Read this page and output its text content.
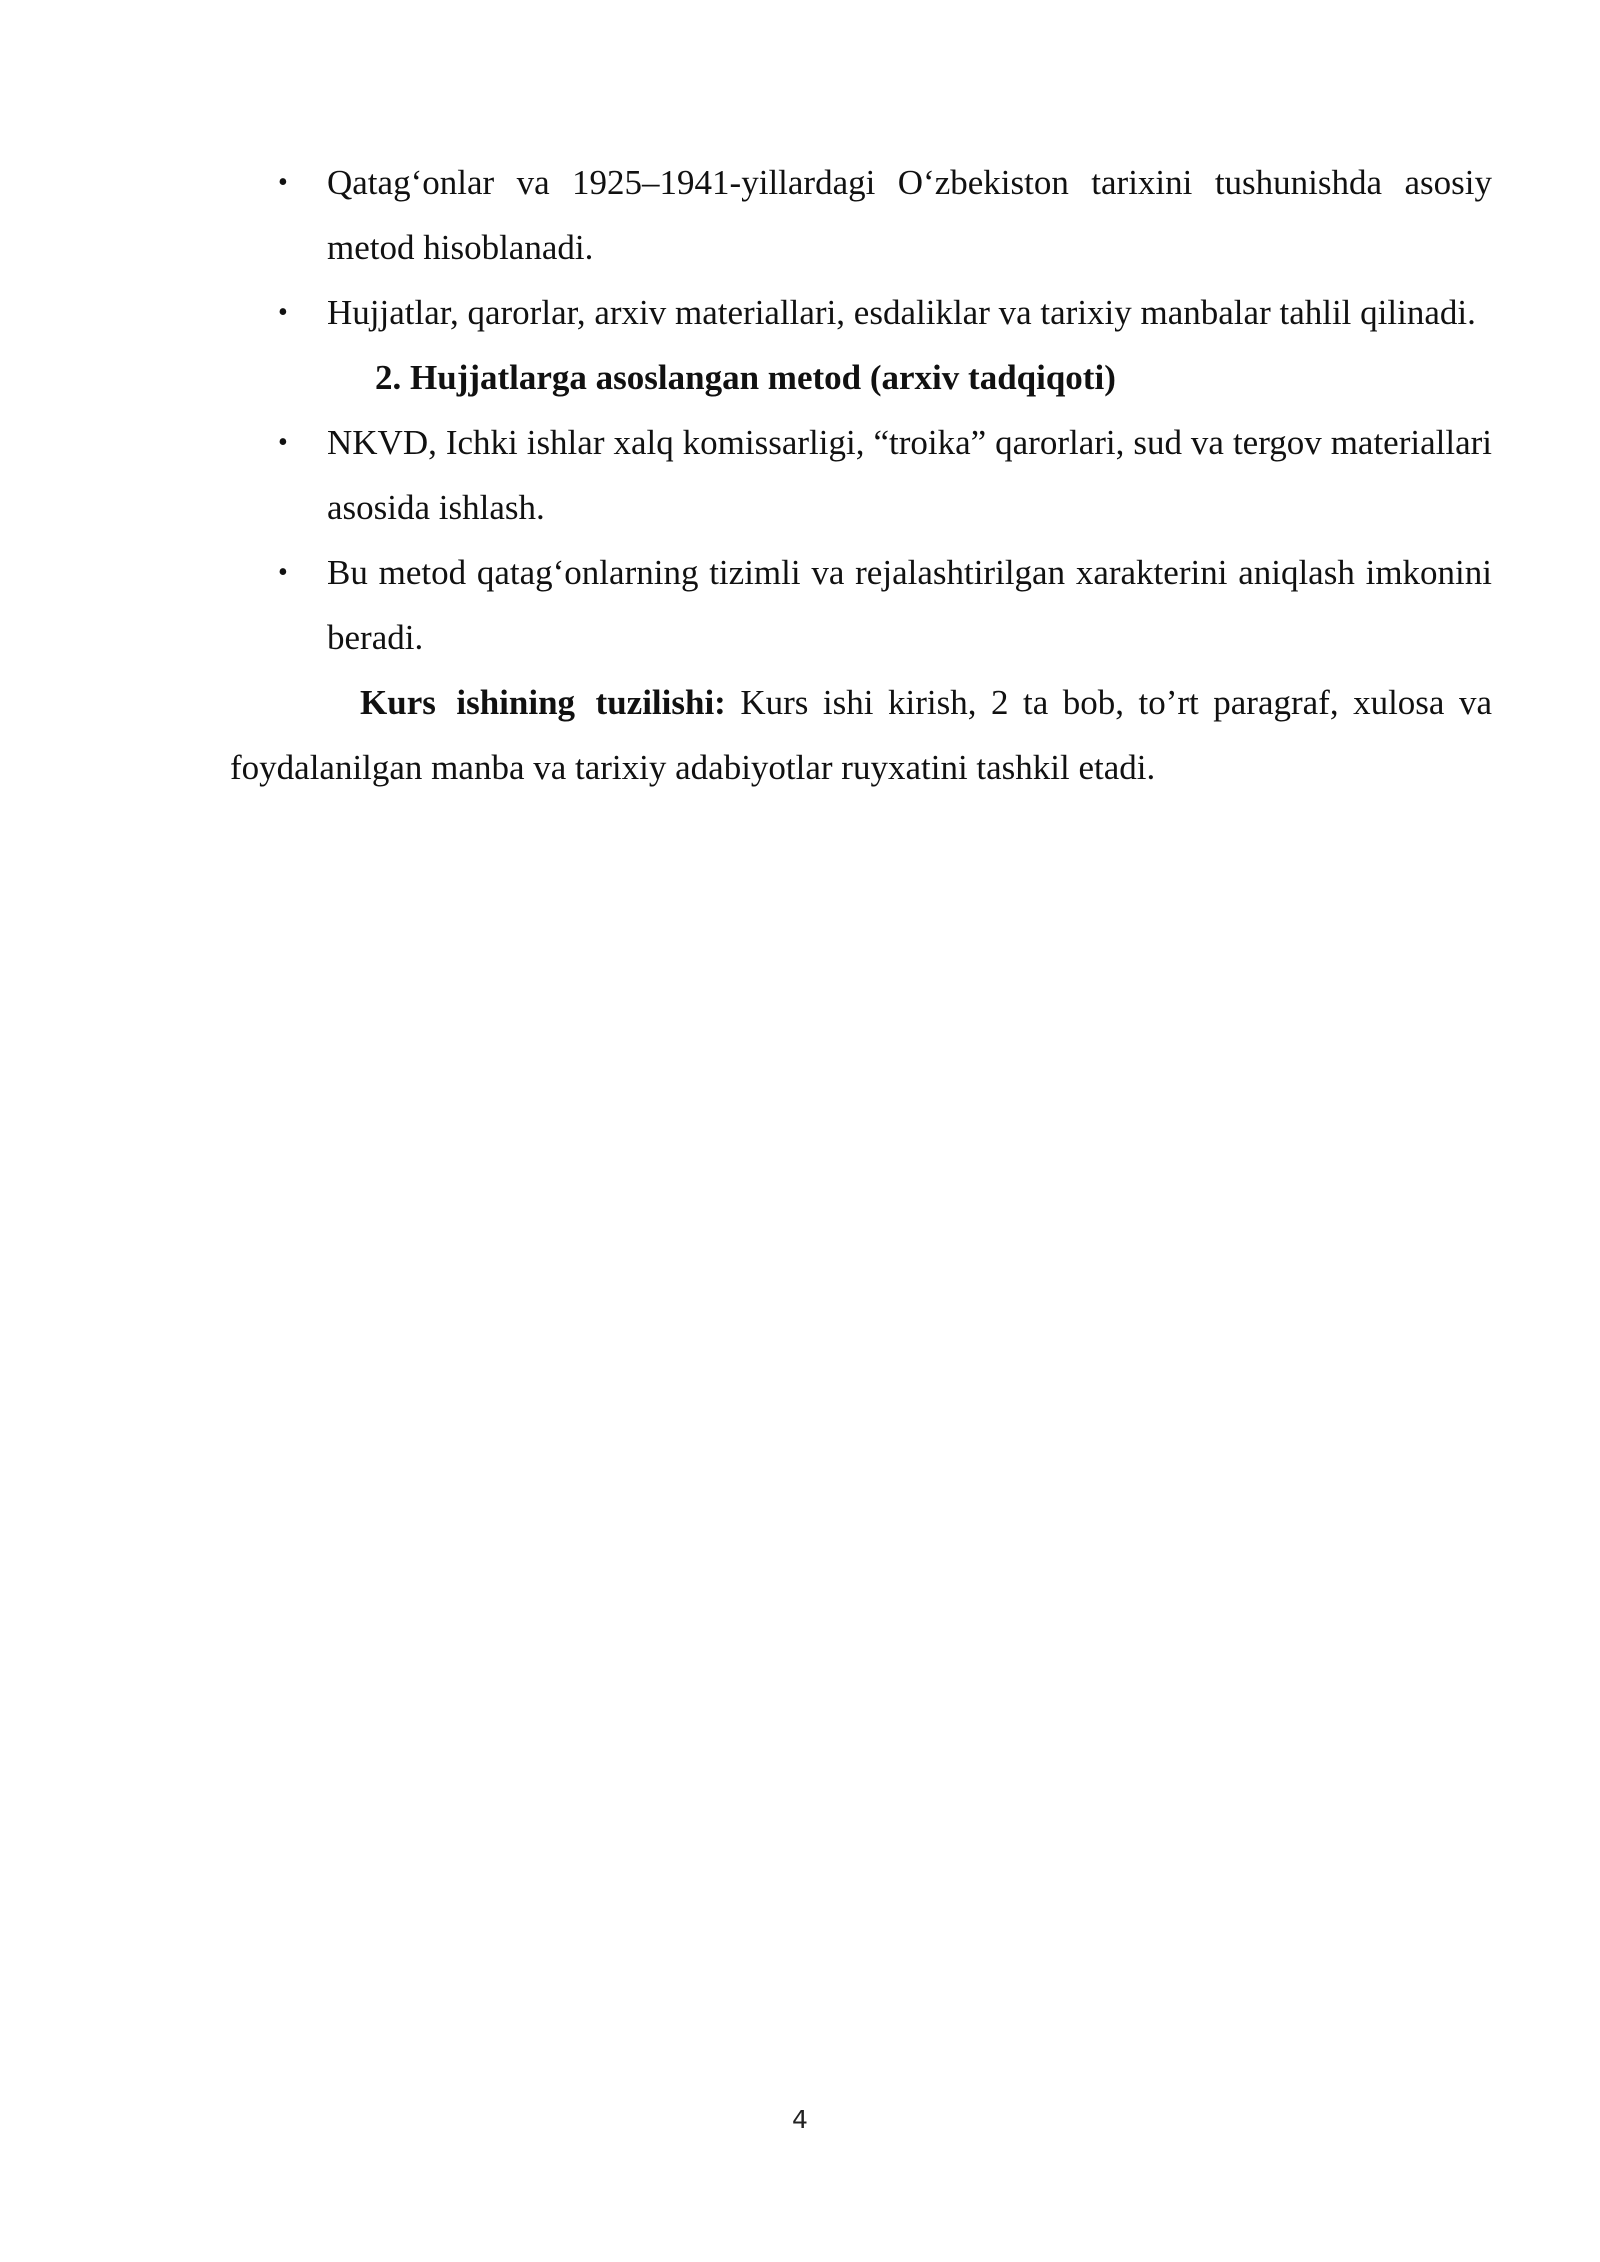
• Qatag‘onlar va 1925–1941-yillardagi O‘zbekiston tarixini tushunishda asosiy metod hisoblanadi.
• Hujjatlar, qarorlar, arxiv materiallari, esdaliklar va tarixiy manbalar tahlil qilinadi.
2. Hujjatlarga asoslangan metod (arxiv tadqiqoti)
• NKVD, Ichki ishlar xalq komissarligi, “troika” qarorlari, sud va tergov materiallari asosida ishlash.
• Bu metod qatag‘onlarning tizimli va rejalashtirilgan xarakterini aniqlash imkonini beradi.
Kurs ishining tuzilishi: Kurs ishi kirish, 2 ta bob, to’rt paragraf, xulosa va foydalanilgan manba va tarixiy adabiyotlar ruyxatini tashkil etadi.
4
